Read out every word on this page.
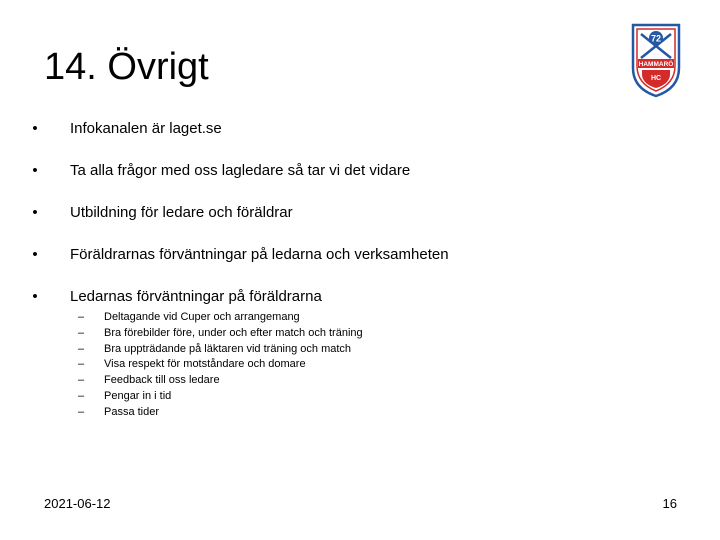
14. Övrigt
72
HAMMARÖ
HC
• Infokanalen är laget.se
• Ta alla frågor med oss lagledare så tar vi det vidare
• Utbildning för ledare och föräldrar
• Föräldrarnas förväntningar på ledarna och verksamheten
• Ledarnas förväntningar på föräldrarna
– Deltagande vid Cuper och arrangemang
– Bra förebilder före, under och efter match och träning
– Bra uppträdande på läktaren vid träning och match
– Visa respekt för motståndare och domare
– Feedback till oss ledare
– Pengar in i tid
– Passa tider
2021-06-12	16
